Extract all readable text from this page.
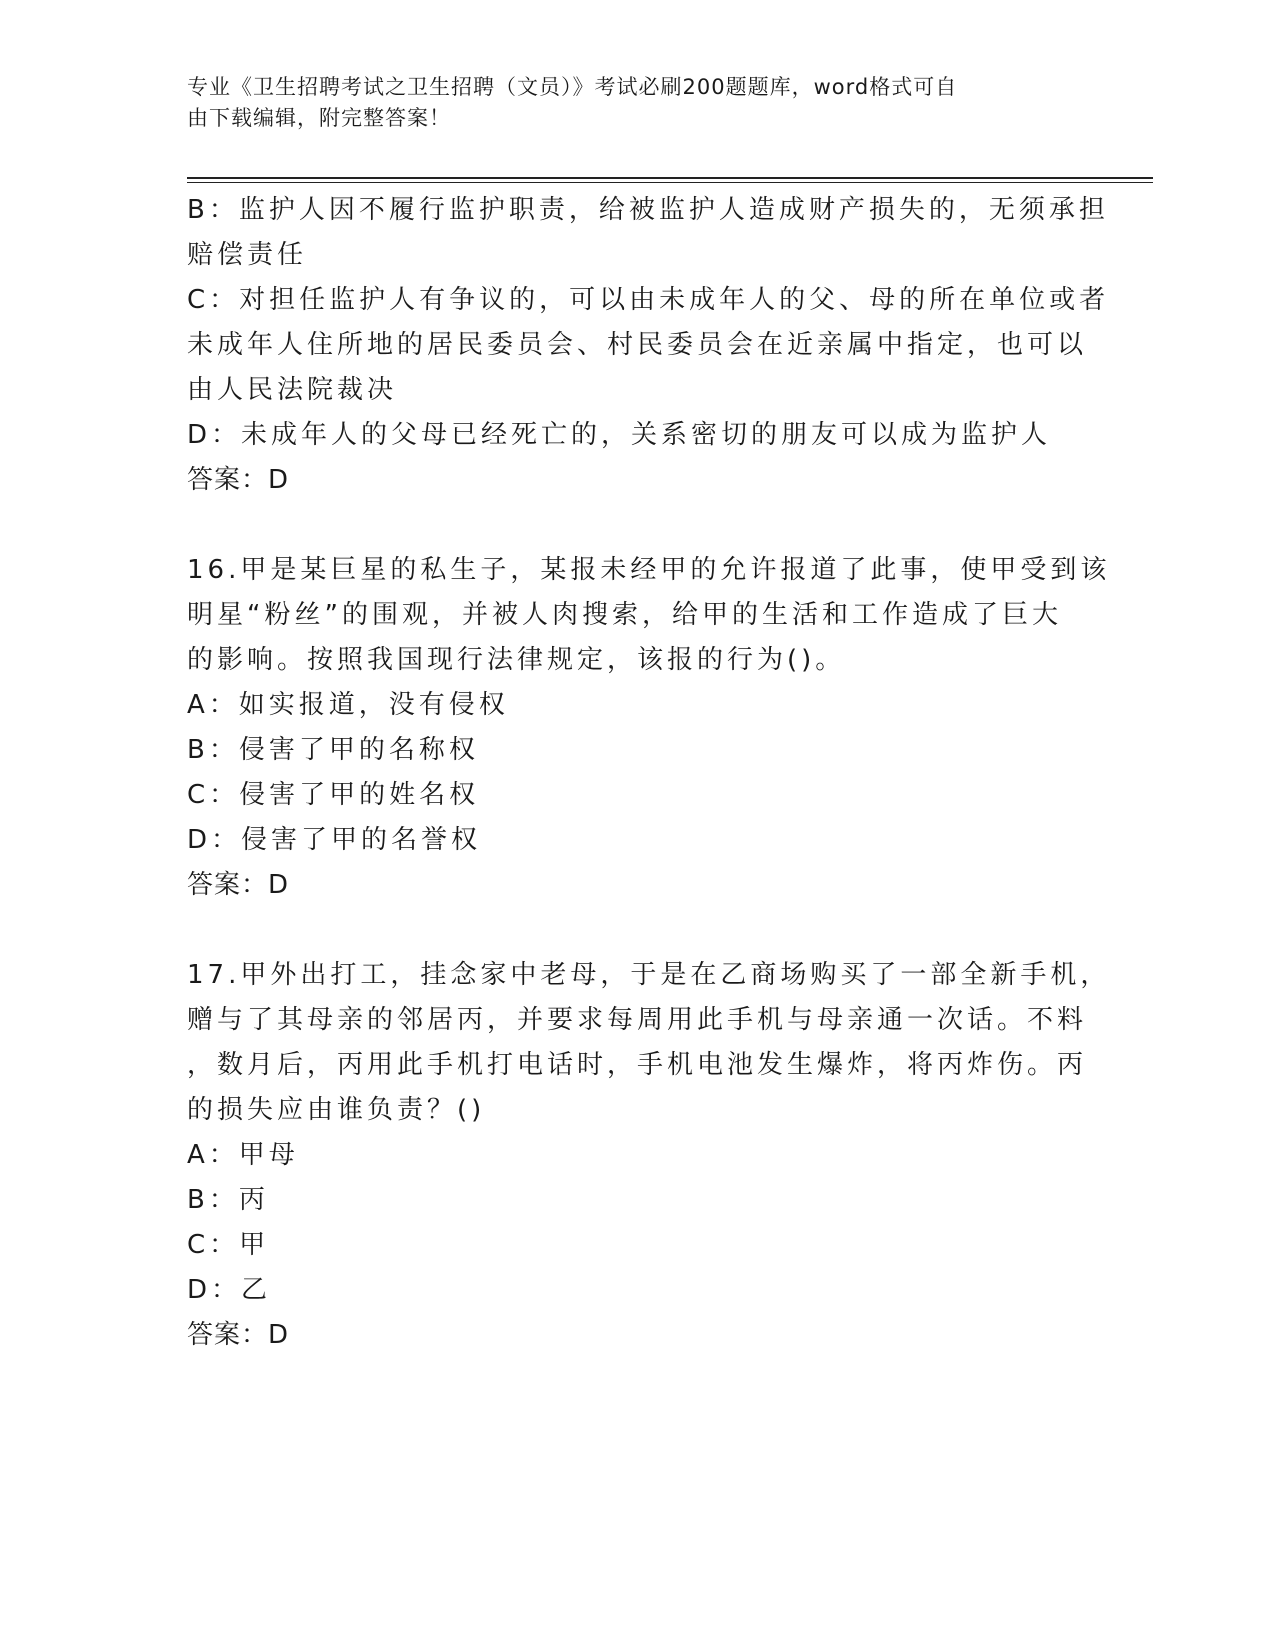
专业《卫生招聘考试之卫生招聘（文员）》考试必刷200题题库，word格式可自
由下载编辑，附完整答案！
B：监护人因不履行监护职责，给被监护人造成财产损失的，无须承担
赔偿责任
C：对担任监护人有争议的，可以由未成年人的父、母的所在单位或者
未成年人住所地的居民委员会、村民委员会在近亲属中指定，也可以
由人民法院裁决
D：未成年人的父母已经死亡的，关系密切的朋友可以成为监护人
答案：D
16.甲是某巨星的私生子，某报未经甲的允许报道了此事，使甲受到该
明星“粉丝”的围观，并被人肉搜索，给甲的生活和工作造成了巨大
的影响。按照我国现行法律规定，该报的行为()。
A：如实报道，没有侵权
B：侵害了甲的名称权
C：侵害了甲的姓名权
D：侵害了甲的名誉权
答案：D
17.甲外出打工，挂念家中老母，于是在乙商场购买了一部全新手机，
赠与了其母亲的邻居丙，并要求每周用此手机与母亲通一次话。不料
，数月后，丙用此手机打电话时，手机电池发生爆炸，将丙炸伤。丙
的损失应由谁负责？()
A：甲母
B：丙
C：甲
D：乙
答案：D
